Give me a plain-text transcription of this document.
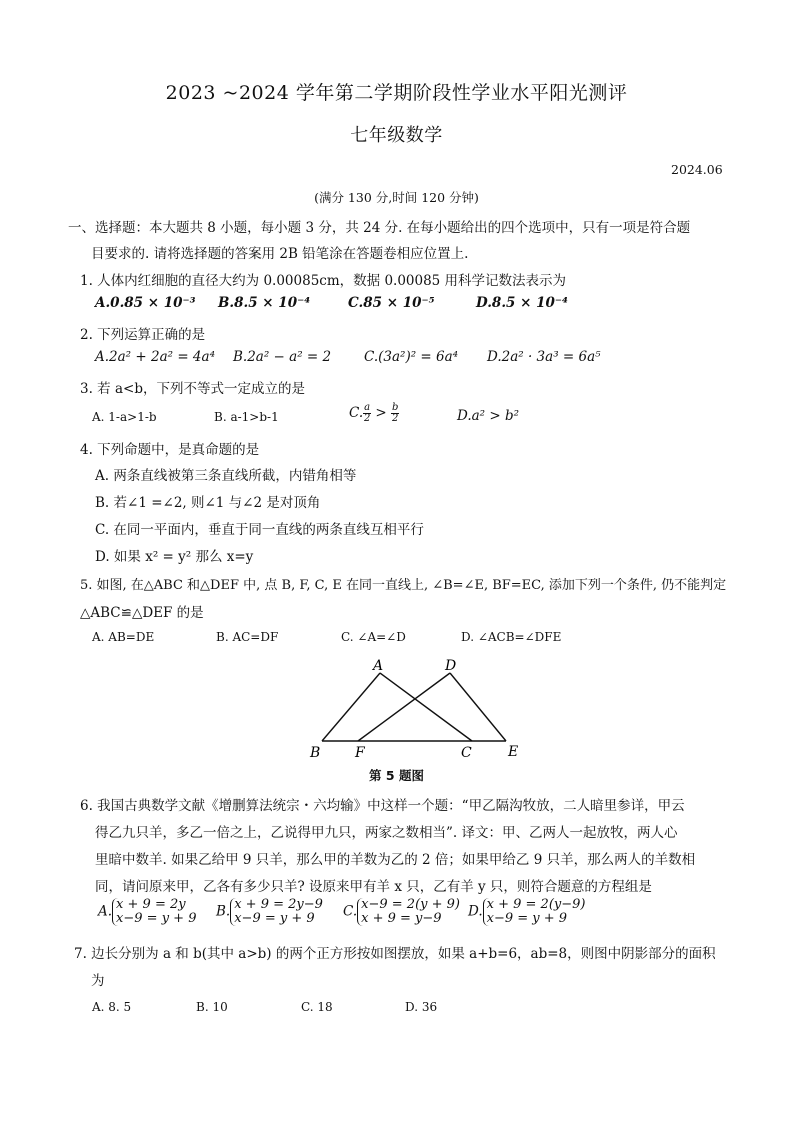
2023 ~2024 学年第二学期阶段性学业水平阳光测评
七年级数学
2024.06
(满分 130 分,时间 120 分钟)
一、选择题：本大题共 8 小题，每小题 3 分，共 24 分. 在每小题给出的四个选项中，只有一项是符合题
目要求的. 请将选择题的答案用 2B 铅笔涂在答题卷相应位置上.
1. 人体内红细胞的直径大约为 0.00085cm，数据 0.00085 用科学记数法表示为
A.0.85 × 10⁻³ B.8.5 × 10⁻⁴	C.85 × 10⁻⁵	D.8.5 × 10⁻⁴
2. 下列运算正确的是
A.2a² + 2a² = 4a⁴ B.2a² − a² = 2 C.(3a²)² = 6a⁴ D.2a² · 3a³ = 6a⁵
3. 若 a<b，下列不等式一定成立的是
A. 1-a>1-b	B. a-1>b-1	C. $\frac{a}{2} > \frac{b}{2}$	D.a² > b²
4. 下列命题中，是真命题的是
A. 两条直线被第三条直线所截，内错角相等
B. 若∠1 =∠2, 则∠1 与∠2 是对顶角
C. 在同一平面内，垂直于同一直线的两条直线互相平行
D. 如果 x² = y² 那么 x=y
5. 如图, 在△ABC 和△DEF 中, 点 B, F, C, E 在同一直线上, ∠B=∠E, BF=EC, 添加下列一个条件, 仍不能判定
△ABC≌△DEF 的是
A. AB=DE	B. AC=DF	C. ∠A=∠D	D. ∠ACB=∠DFE
A	D
B F	C	E
第 5 题图
6. 我国古典数学文献《增删算法统宗・六均输》中这样一个题：“甲乙隔沟牧放，二人暗里参详，甲云
得乙九只羊，多乙一倍之上，乙说得甲九只，两家之数相当”. 译文：甲、乙两人一起放牧，两人心
里暗中数羊. 如果乙给甲 9 只羊，那么甲的羊数为乙的 2 倍；如果甲给乙 9 只羊，那么两人的羊数相
同，请问原来甲，乙各有多少只羊? 设原来甲有羊 x 只，乙有羊 y 只，则符合题意的方程组是
A. x + 9 = 2y
x−9 = y + 9 B. x + 9 = 2y−9
x−9 = y + 9	C. x−9 = 2(y + 9)
x + 9 = y−9	D. x + 9 = 2(y−9)
x−9 = y + 9
7. 边长分别为 a 和 b(其中 a>b) 的两个正方形按如图摆放，如果 a+b=6，ab=8，则图中阴影部分的面积
为
A. 8. 5	B. 10	C. 18	D. 36
